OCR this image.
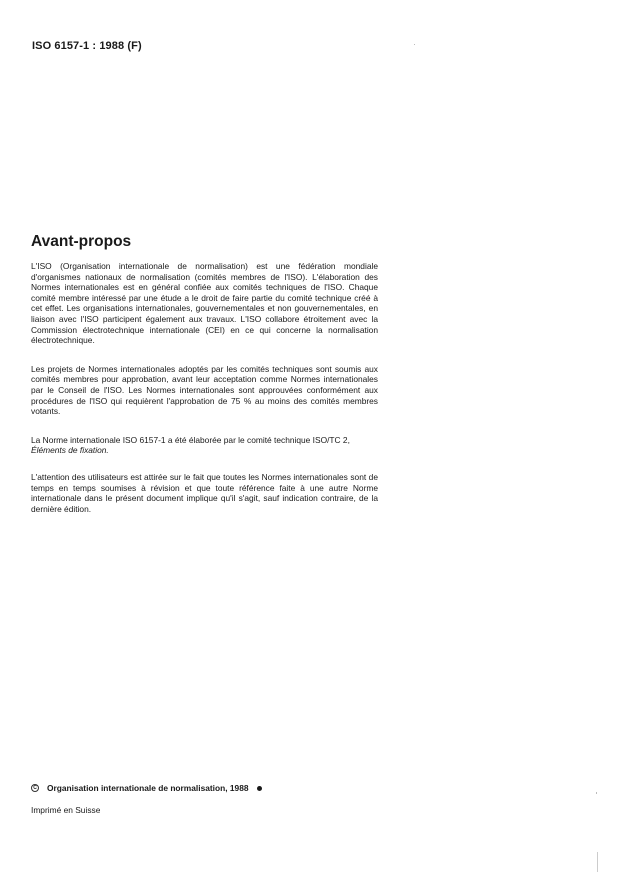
ISO 6157-1 : 1988 (F)
Avant-propos

L'ISO (Organisation internationale de normalisation) est une fédération mondiale d'organismes nationaux de normalisation (comités membres de l'ISO). L'élaboration des Normes internationales est en général confiée aux comités techniques de l'ISO. Chaque comité membre intéressé par une étude a le droit de faire partie du comité technique créé à cet effet. Les organisations internationales, gouvernementales et non gouvernementales, en liaison avec l'ISO participent également aux travaux. L'ISO collabore étroitement avec la Commission électrotechnique internationale (CEI) en ce qui concerne la normalisation électrotechnique.

Les projets de Normes internationales adoptés par les comités techniques sont soumis aux comités membres pour approbation, avant leur acceptation comme Normes internationales par le Conseil de l'ISO. Les Normes internationales sont approuvées conformément aux procédures de l'ISO qui requièrent l'approbation de 75 % au moins des comités membres votants.

La Norme internationale ISO 6157-1 a été élaborée par le comité technique ISO/TC 2,
Éléments de fixation.

L'attention des utilisateurs est attirée sur le fait que toutes les Normes internationales sont de temps en temps soumises à révision et que toute référence faite à une autre Norme internationale dans le présent document implique qu'il s'agit, sauf indication contraire, de la dernière édition.

C Organisation internationale de normalisation, 1988
Imprimé en Suisse
